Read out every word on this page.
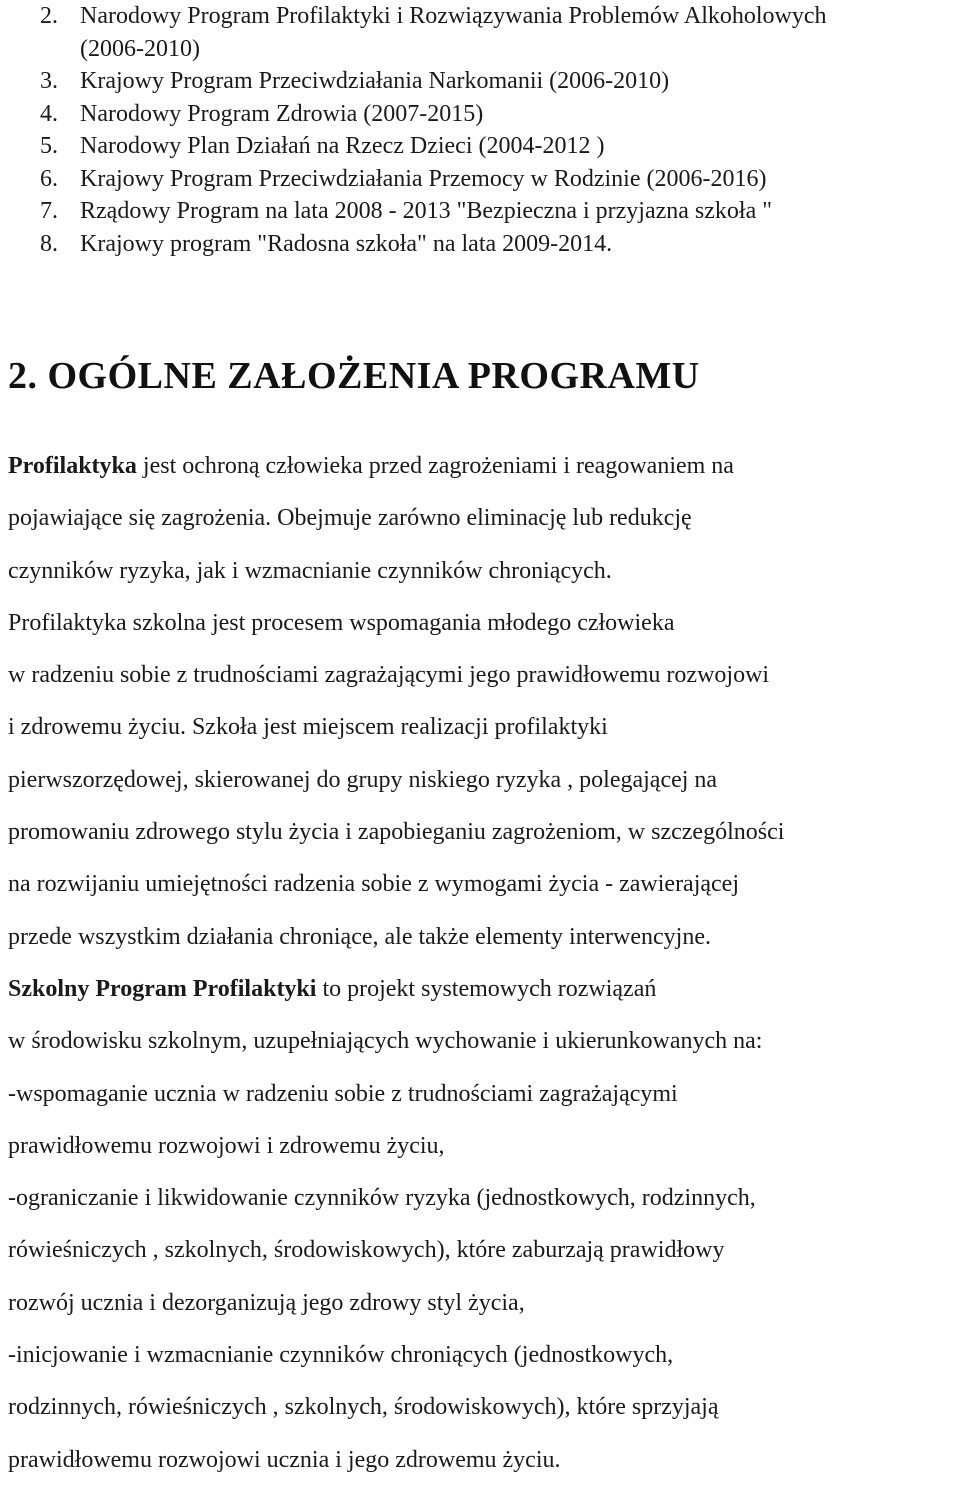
2. Narodowy Program Profilaktyki i Rozwiązywania Problemów Alkoholowych (2006-2010)
3. Krajowy Program Przeciwdziałania Narkomanii (2006-2010)
4. Narodowy Program Zdrowia (2007-2015)
5. Narodowy Plan Działań na Rzecz Dzieci (2004-2012 )
6. Krajowy Program Przeciwdziałania Przemocy w Rodzinie (2006-2016)
7. Rządowy Program na lata 2008 - 2013 "Bezpieczna i przyjazna szkoła "
8. Krajowy program "Radosna szkoła" na lata 2009-2014.
2. OGÓLNE ZAŁOŻENIA PROGRAMU
Profilaktyka jest ochroną człowieka przed zagrożeniami i reagowaniem na
pojawiające się zagrożenia. Obejmuje zarówno eliminację lub redukcję
czynników ryzyka, jak i wzmacnianie czynników chroniących.
Profilaktyka szkolna jest procesem wspomagania młodego człowieka
w radzeniu sobie z trudnościami zagrażającymi jego prawidłowemu rozwojowi
i zdrowemu życiu. Szkoła jest miejscem realizacji profilaktyki
pierwszorzędowej, skierowanej do grupy niskiego ryzyka , polegającej na
promowaniu zdrowego stylu życia i zapobieganiu zagrożeniom, w szczególności
na rozwijaniu umiejętności radzenia sobie z wymogami życia - zawierającej
przede wszystkim działania chroniące, ale także elementy interwencyjne.
Szkolny Program Profilaktyki to projekt systemowych rozwiązań
w środowisku szkolnym, uzupełniających wychowanie i ukierunkowanych na:
-wspomaganie ucznia w radzeniu sobie z trudnościami zagrażającymi
prawidłowemu rozwojowi i zdrowemu życiu,
-ograniczanie i likwidowanie czynników ryzyka (jednostkowych, rodzinnych,
rówieśniczych , szkolnych, środowiskowych), które zaburzają prawidłowy
rozwój ucznia i dezorganizują jego zdrowy styl życia,
-inicjowanie i wzmacnianie czynników chroniących (jednostkowych,
rodzinnych, rówieśniczych , szkolnych, środowiskowych), które sprzyjają
prawidłowemu rozwojowi ucznia i jego zdrowemu życiu.
